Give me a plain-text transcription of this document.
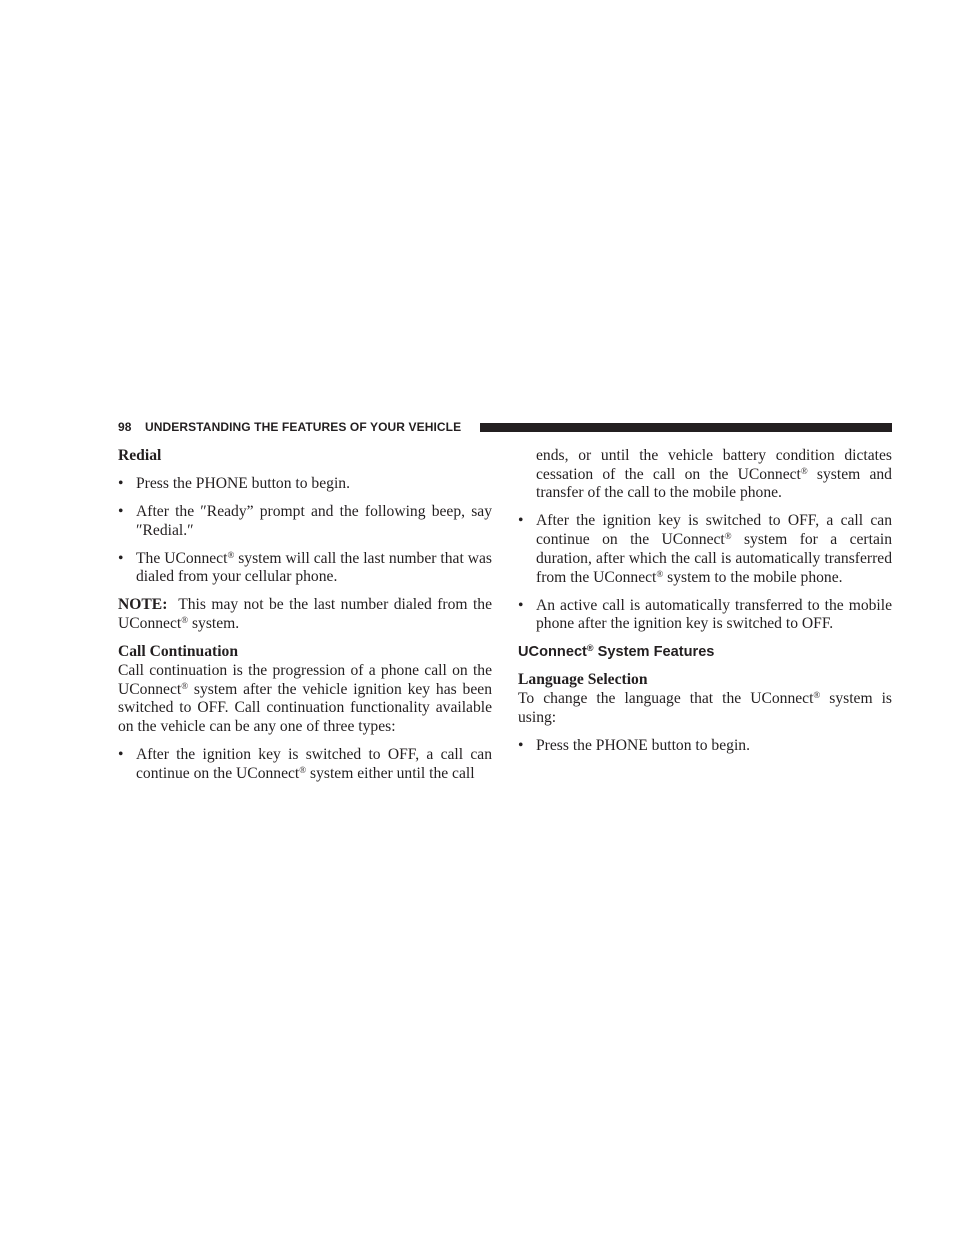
98 UNDERSTANDING THE FEATURES OF YOUR VEHICLE

Redial

• Press the PHONE button to begin.
• After the ″Ready” prompt and the following beep, say ″Redial.″
• The UConnect® system will call the last number that was dialed from your cellular phone.

NOTE: This may not be the last number dialed from the UConnect® system.

Call Continuation

Call continuation is the progression of a phone call on the UConnect® system after the vehicle ignition key has been switched to OFF. Call continuation functionality available on the vehicle can be any one of three types:

• After the ignition key is switched to OFF, a call can continue on the UConnect® system either until the call
ends, or until the vehicle battery condition dictates cessation of the call on the UConnect® system and transfer of the call to the mobile phone.
• After the ignition key is switched to OFF, a call can continue on the UConnect® system for a certain duration, after which the call is automatically transferred from the UConnect® system to the mobile phone.
• An active call is automatically transferred to the mobile phone after the ignition key is switched to OFF.

UConnect® System Features

Language Selection

To change the language that the UConnect® system is using:

• Press the PHONE button to begin.
